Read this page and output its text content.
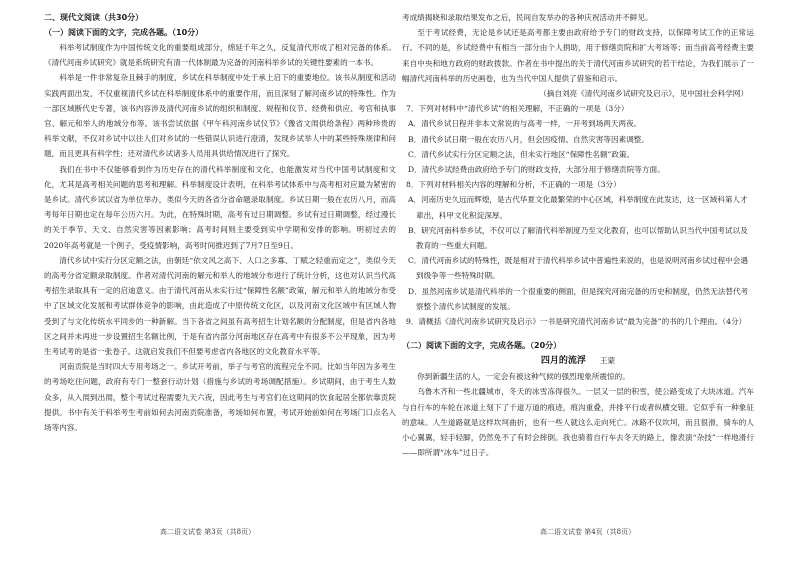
二、现代文阅读（共30分）
（一）阅读下面的文字，完成各题。（10分）

科举考试制度作为中国传统文化的重要组成部分，绵延千年之久，反复清代形成了相对完备的体系。《清代河南乡试研究》就是系统研究有清一代体制最为完备的河南科举乡试的关键性要素的一本书。

科举是一件非常复杂且棘手的制度，乡试在科举制度中处于承上启下的重要地位。该书从制度和活动实践两面出发，不仅重视清代乡试在科举制度体系中的重要作用，而且深刻了解河南乡试的特殊性。作为一部区域断代史专著，该书内容涉及清代河南乡试的组织和制度、规程和仪节、经费和供应、考官和执事官、解元和举人的地域分布等。该书尝试依据《甲午科河南乡试仪节》《豫省文闱供给条程》两种珍贵的科举文献，不仅对乡试中以往人们对乡试的一些错误认识进行澄清，发现乡试举人中的某些特殊规律和问题，而且更具有科学性；还对清代乡试诸多人员用具供给情况进行了探究。

我们在书中不仅能够看到作为历史存在的清代科举制度和文化，也能激发对当代中国考试制度和文化，尤其是高考相关问题的思考和理解。科举制度设计表明，在科举考试体系中与高考相对应最为紧密的是乡试。清代乡试以省为单位举办，类似今天的各省分省命题录取制度。乡试日期一般在农历八月，而高考每年日期也定在每年公历六月。为此，在特殊时期，高考有过日期调整。乡试有过日期调整，经过漫长的关于季节、天文、自然灾害等因素影响；高考时间则主要受到实中学期和安排的影响。明初过去的2020年高考就是一个例子，受疫情影响，高考时间推迟到了7月7日至9日。

清代乡试中实行分区定额之法，由朝廷“依文风之高下、人口之多寡、丁赋之轻重而定之”，类似今天的高考分省定额录取制度。作者对清代河南的解元和举人的地域分布进行了统计分析，这也对认识当代高考招生录取具有一定的启迪意义。由于清代河南从未实行过“保障性名额”政策，解元和举人的地域分布受中了区域文化发展和考试群体竞争的影响，由此造成了中原传统文化区，以及河南文化区域中有区域人物受到了与文化传统水平同步的一种新解。当下各省之间虽有高考招生计划名额的分配制度，但是省内各地区之间并未再进一步设置招生名额比例，于是有省内部分河南地区存在高考中有很多不公平现象，因为考生考试考的是省一张卷子。这就启发我们不但要考虑省内各地区的文化教育水平等。

河南贡院是当时四大专用考场之一。乡试开考前，举子与考官的流程完全不同。比如当年因为多考生的考场吃住问题，政府有专门一整套行动计划（措施与乡试的考场调配措施）。乡试期间，由于考生人数众多，从入闱到出闱，整个考试过程需要九天六夜，因此考生与考官们在这期间的饮食起居全都依靠贡院提供。书中有关于科举考生考前如何去河南贡院准备，考场如何布置，考试开始前如何在考场门口点名入场等内容。

高二语文试卷 第3页（共8页）

考成绩揭晓和录取结果发布之后，民间自发举办的各种庆祝活动并不鲜见。

至于考试经费，无论是乡试还是高考都主要由政府给予专门的财政支持，以保障考试工作的正常运行。不同的是，乡试经费中有相当一部分由个人捐助，用于修缮贡院和扩大考场等；而当前高考经费主要来自中央和地方政府的财政拨款。作者在书中提出的关于清代河南乡试研究的若干结论，为我们展示了一幅清代河南科举的历史画卷，也为当代中国人提供了借鉴和启示。

（摘自刘亮《清代河南乡试研究及启示》，见中国社会科学网）

7．下列对材料中“清代乡试”的相关理解，不正确的一项是（3分）

A．清代乡试日程并非本文常说的与高考一样，一开考到场两天两夜。

B．清代乡试日期一般在农历八月，但会因疫情、自然灾害等因素调整。

C．清代乡试实行分区定额之法，但未实行地区“保障性名额”政策。

D．清代乡试经费由政府给予专门的财政支持，大部分用于修缮贡院等方面。

8．下列对材料相关内容的理解和分析，不正确的一项是（3分）

A．河南历史久远而辉煌，是古代华夏文化最繁荣的中心区域，科举制度在此发达，这一区域科第人才辈出，科甲文化积淀深厚。

B．研究河南科举乡试，不仅可以了解清代科举制度乃至文化教育，也可以帮助认识当代中国考试以及教育的一些重大问题。

C．清代河南乡试的特殊性，既是相对于清代科举乡试中普遍性来说的，也是说明河南乡试过程中会遇到级争等一些特殊时期。

D．虽然河南乡试是清代科举的一个很重要的侧面，但是探究河南完备的历史和制度，仍然无法替代考察整个清代乡试制度的发展。

9．请概括《清代河南乡试研究及启示》一书是研究清代河南乡试“最为完备”的书的几个理由。（4分）

（二）阅读下面的文字，完成各题。（20分）
四月的流浮 王蒙

你到新疆生活的人，一定会有被这种气候的强烈现象所震惊的。

乌鲁木齐和一些北疆城市，冬天的冰雪冻得很久。一层又一层的积雪，使公路变成了大块冰道。汽车与自行车的车轮在冰道上刻下了千道万道的痕迹，痕沟重叠，并排平行或者纵横交错。它似乎有一种象征的意味。人生道路就是这样坎坷曲折，也有一些人就这么走向死亡。冰路不仅坎坷，而且很滑，骑车的人小心翼翼，轻手轻脚，仍然免不了有时会摔倒。我也骑着自行车去冬天的路上，像表演“杂技”一样地滑行——即所谓“冰车”过日子。

高二语文试卷 第4页（共8页）
